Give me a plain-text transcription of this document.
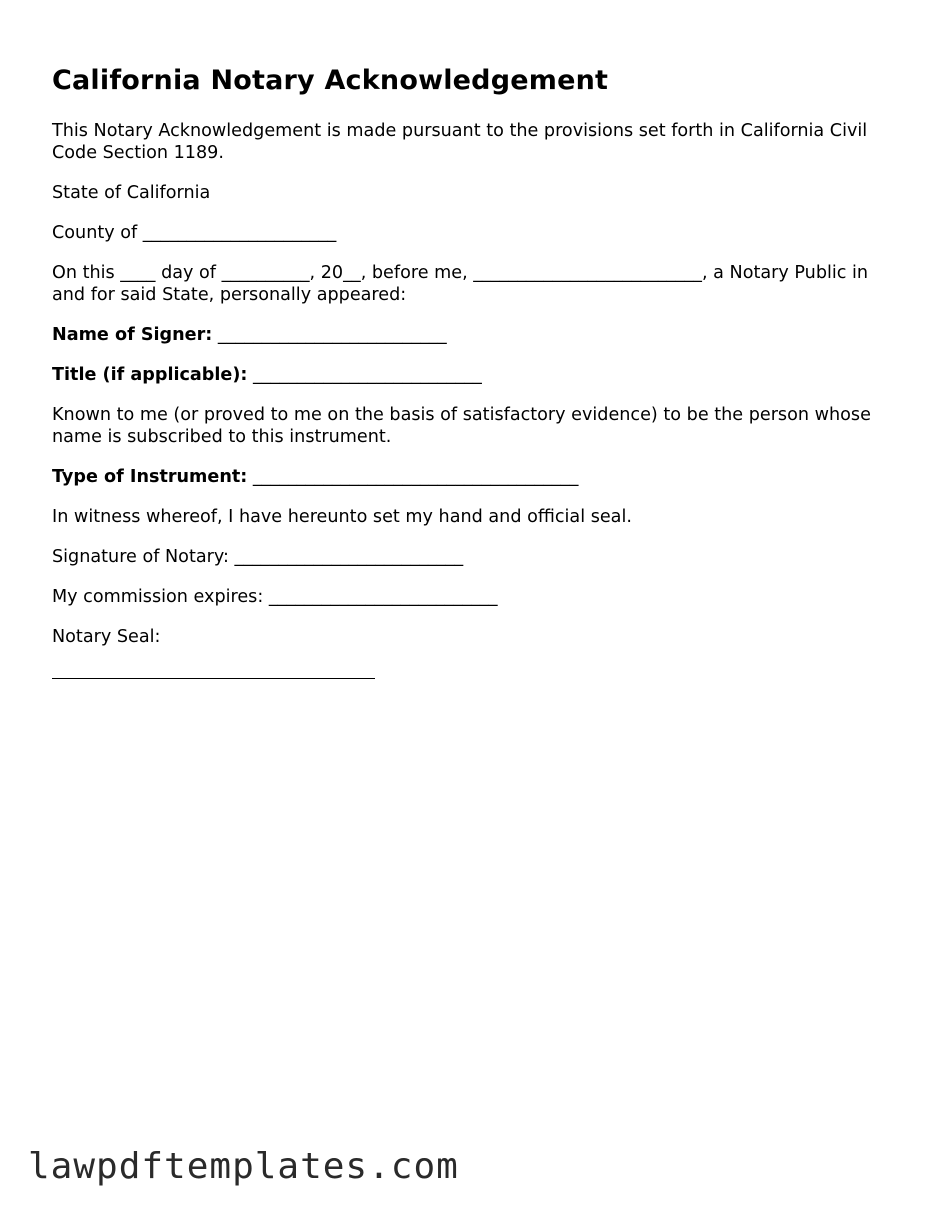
California Notary Acknowledgement

This Notary Acknowledgement is made pursuant to the provisions set forth in California Civil Code Section 1189.

State of California

County of ______________________

On this ____ day of __________, 20__, before me, __________________________, a Notary Public in and for said State, personally appeared:

Name of Signer: __________________________

Title (if applicable): __________________________

Known to me (or proved to me on the basis of satisfactory evidence) to be the person whose name is subscribed to this instrument.

Type of Instrument: _____________________________________

In witness whereof, I have hereunto set my hand and official seal.

Signature of Notary: __________________________

My commission expires: __________________________

Notary Seal:

lawpdftemplates.com
